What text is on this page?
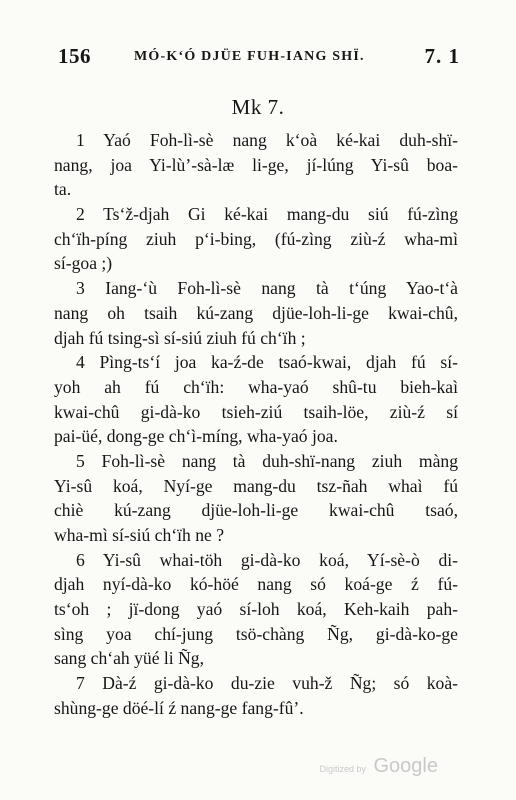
156	MÓ-K‘Ó DJÜE FUH-IANG SHÏ.	7. 1
Mk 7.
1 Yaó Foh-lì-sè nang k‘oà ké-kai duh-shï-
nang, joa Yi-lù’-sà-læ li-ge, jí-lúng Yi-sû boa-
ta.
2 Ts‘ž-djah Gi ké-kai mang-du siú fú-zìng
ch‘ïh-píng ziuh p‘i-bing, (fú-zìng ziù-ź wha-mì
sí-goa ;)
3 Iang-‘ù Foh-lì-sè nang tà t‘úng Yao-t‘à
nang oh tsaih kú-zang djüe-loh-li-ge kwai-chû,
djah fú tsing-sì sí-siú ziuh fú ch‘ïh ;
4 Pìng-ts‘í joa ka-ź-de tsaó-kwai, djah fú sí-
yoh ah fú ch‘ïh: wha-yaó shû-tu bieh-kaì
kwai-chû gi-dà-ko tsieh-ziú tsaih-löe, ziù-ź sí
pai-üé, dong-ge ch‘ì-míng, wha-yaó joa.
5 Foh-lì-sè nang tà duh-shï-nang ziuh màng
Yi-sû koá, Nyí-ge mang-du tsz-ñah whaì fú
chiè kú-zang djüe-loh-li-ge kwai-chû tsaó,
wha-mì sí-siú ch‘ïh ne ?
6 Yi-sû whai-töh gi-dà-ko koá, Yí-sè-ò di-
djah nyí-dà-ko kó-höé nang só koá-ge ź fú-
ts‘oh ; jï-dong yaó sí-loh koá, Keh-kaih pah-
sìng yoa chí-jung tsö-chàng Ñg, gi-dà-ko-ge
sang ch‘ah yüé li Ñg,
7 Dà-ź gi-dà-ko du-zie vuh-ž Ñg; só koà-
shùng-ge döé-lí ź nang-ge fang-fû’.
Digitized by Google
